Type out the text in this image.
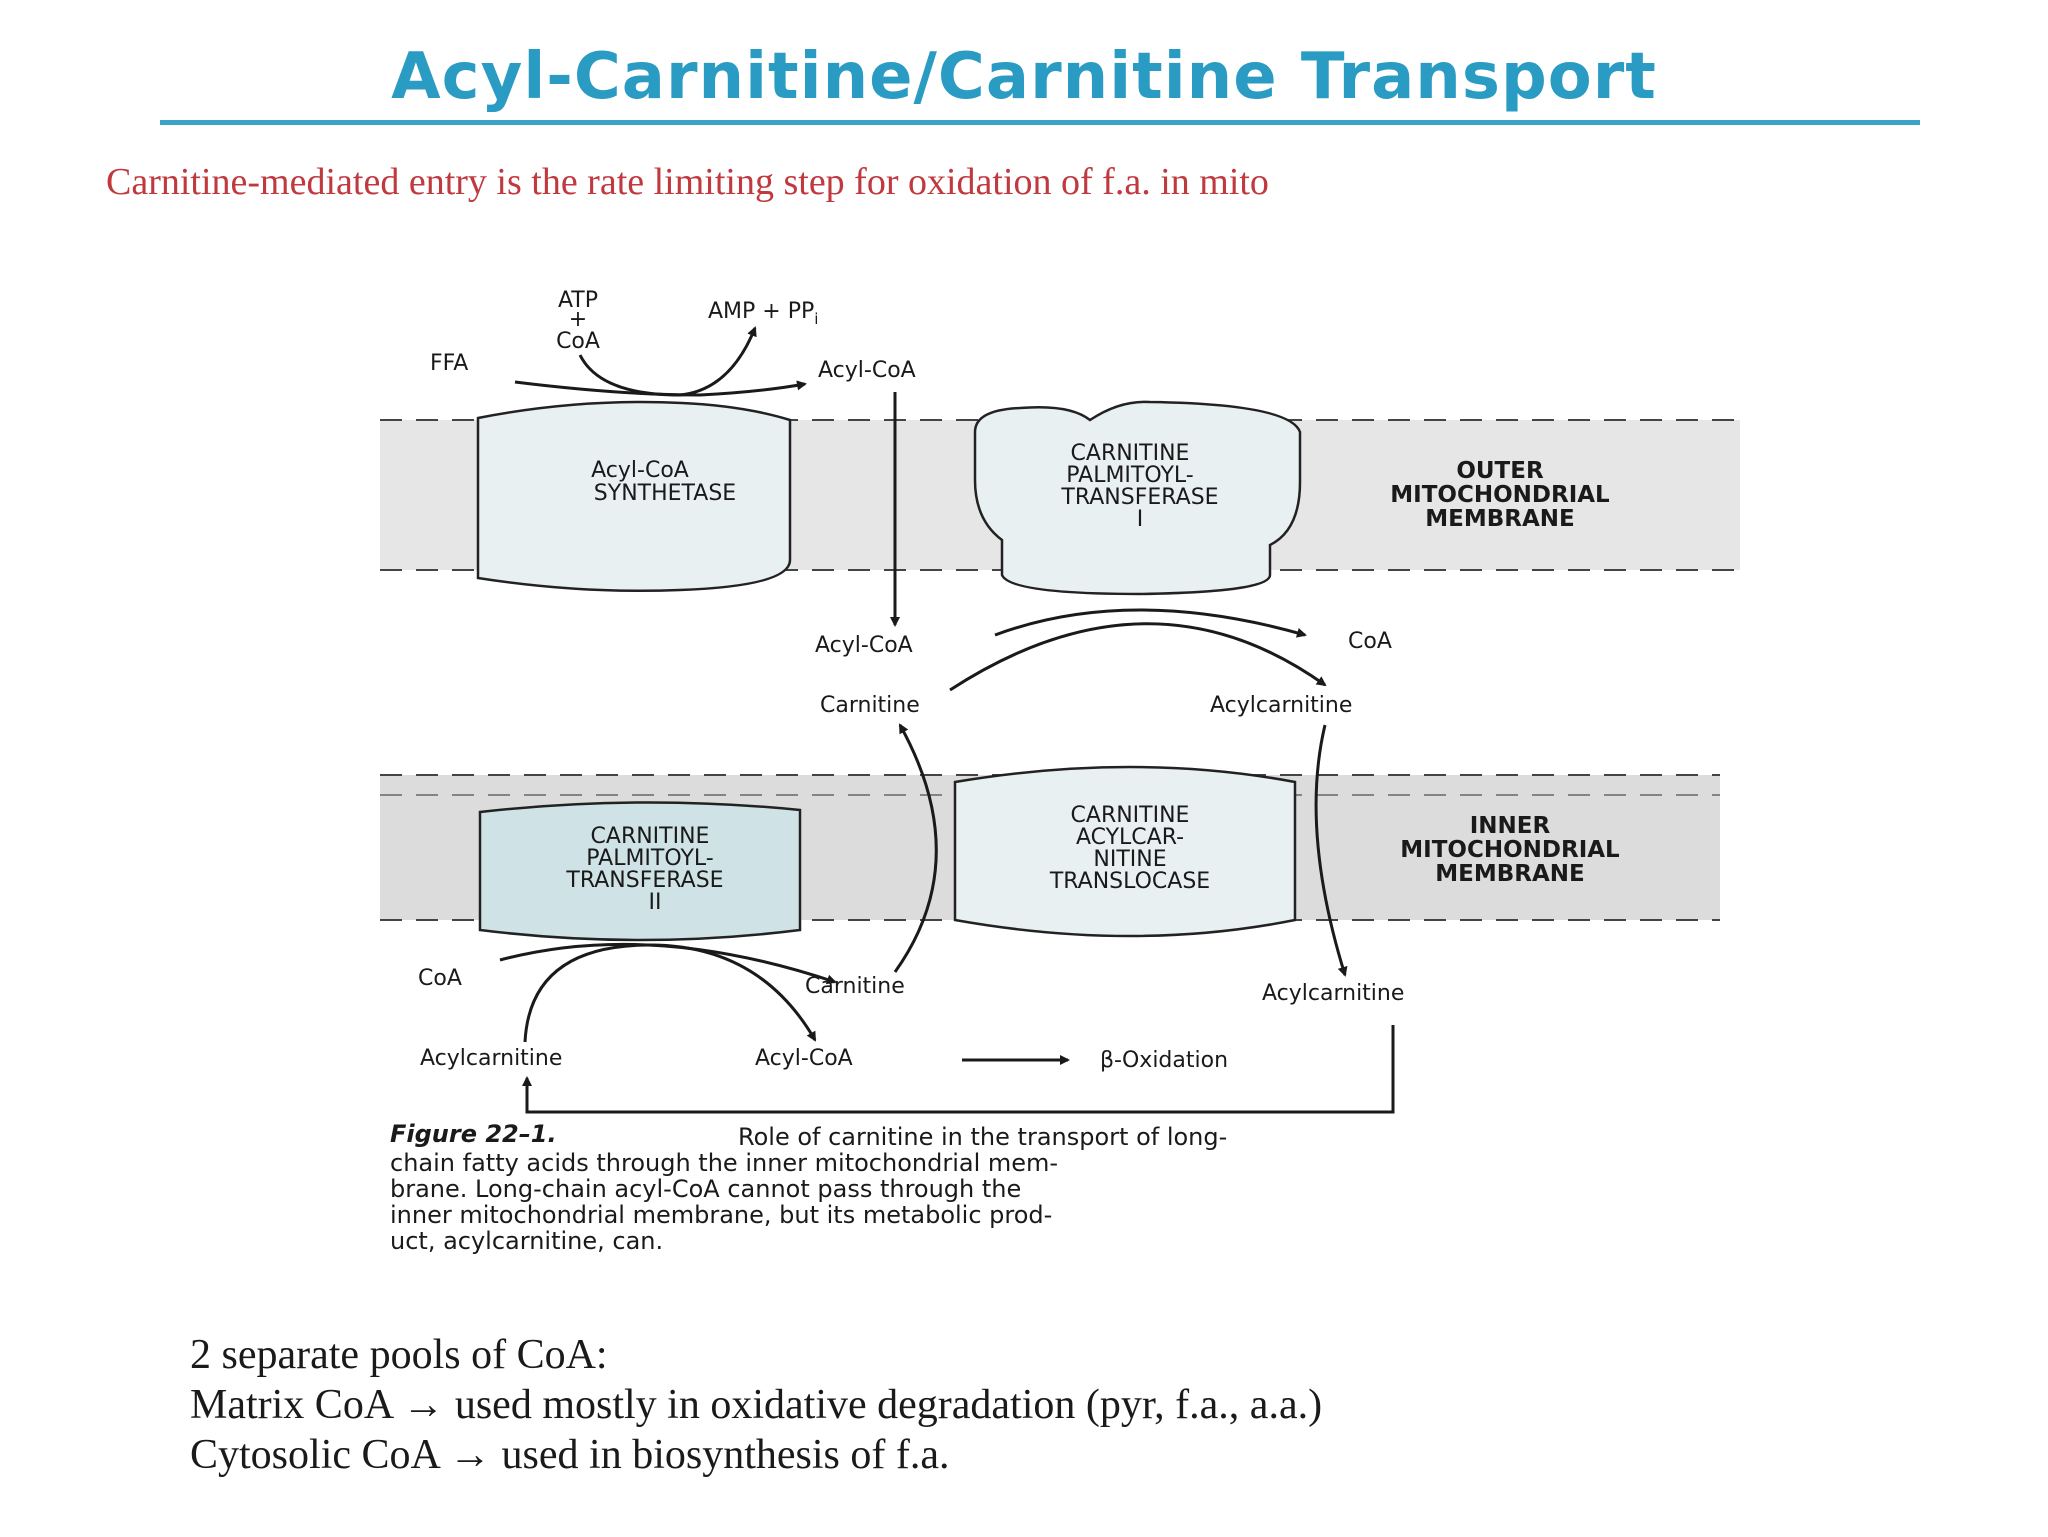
Acyl-Carnitine/Carnitine Transport
Carnitine-mediated entry is the rate limiting step for oxidation of f.a. in mito
Acyl-CoA
SYNTHETASE
CARNITINE
PALMITOYL-
TRANSFERASE
I
OUTER
MITOCHONDRIAL
MEMBRANE
CARNITINE
PALMITOYL-
TRANSFERASE
II
CARNITINE
ACYLCAR-
NITINE
TRANSLOCASE
INNER
MITOCHONDRIAL
MEMBRANE
ATP
+
CoA
FFA
AMP + $PP_i$
Acyl-CoA
Acyl-CoA	CoA
Carnitine	Acylcarnitine
CoA	Carnitine	Acylcarnitine
Acylcarnitine	Acyl-CoA	β-Oxidation
Figure 22–1.	Role of carnitine in the transport of long-
chain fatty acids through the inner mitochondrial mem-
brane. Long-chain acyl-CoA cannot pass through the
inner mitochondrial membrane, but its metabolic prod-
uct, acylcarnitine, can.
2 separate pools of CoA:
Matrix CoA → used mostly in oxidative degradation (pyr, f.a., a.a.)
Cytosolic CoA → used in biosynthesis of f.a.
